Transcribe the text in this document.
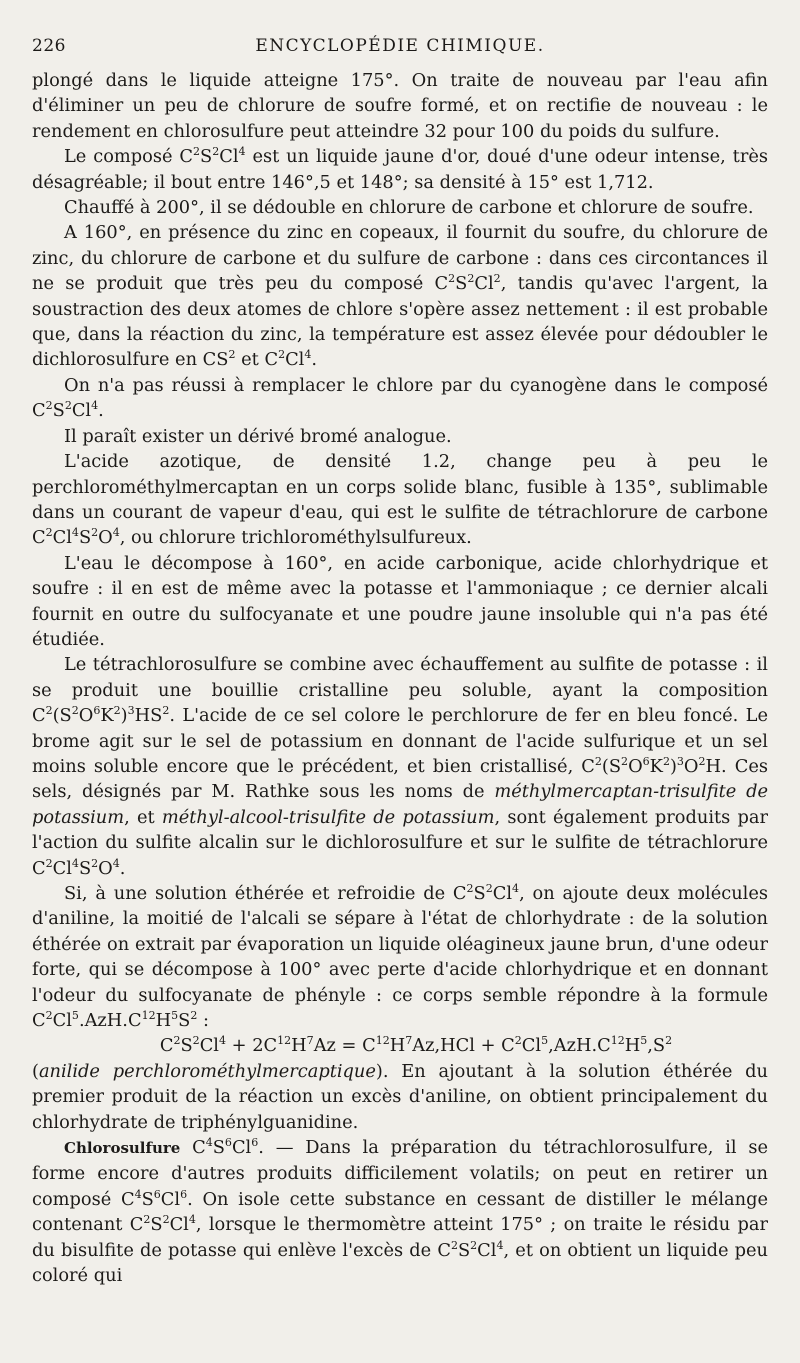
226	ENCYCLOPÉDIE CHIMIQUE.

plongé dans le liquide atteigne 175°. On traite de nouveau par l'eau afin d'éliminer un peu de chlorure de soufre formé, et on rectifie de nouveau : le rendement en chlorosulfure peut atteindre 32 pour 100 du poids du sulfure.

Le composé $C^2S^2Cl^4$ est un liquide jaune d'or, doué d'une odeur intense, très désagréable; il bout entre 146°,5 et 148°; sa densité à 15° est 1,712.

Chauffé à 200°, il se dédouble en chlorure de carbone et chlorure de soufre.

A 160°, en présence du zinc en copeaux, il fournit du soufre, du chlorure de zinc, du chlorure de carbone et du sulfure de carbone : dans ces circontances il ne se produit que très peu du composé $C^2S^2Cl^2$, tandis qu'avec l'argent, la soustraction des deux atomes de chlore s'opère assez nettement : il est probable que, dans la réaction du zinc, la température est assez élevée pour dédoubler le dichlorosulfure en $CS^2$ et $C^2Cl^4$.

On n'a pas réussi à remplacer le chlore par du cyanogène dans le composé $C^2S^2Cl^4$.

Il paraît exister un dérivé bromé analogue.

L'acide azotique, de densité 1.2, change peu à peu le perchlorométhylmercaptan en un corps solide blanc, fusible à 135°, sublimable dans un courant de vapeur d'eau, qui est le sulfite de tétrachlorure de carbone $C^2Cl^4S^2O^4$, ou chlorure trichlorométhylsulfureux.

L'eau le décompose à 160°, en acide carbonique, acide chlorhydrique et soufre : il en est de même avec la potasse et l'ammoniaque ; ce dernier alcali fournit en outre du sulfocyanate et une poudre jaune insoluble qui n'a pas été étudiée.

Le tétrachlorosulfure se combine avec échauffement au sulfite de potasse : il se produit une bouillie cristalline peu soluble, ayant la composition $C^2(S^2O^6K^2)^3HS^2$. L'acide de ce sel colore le perchlorure de fer en bleu foncé. Le brome agit sur le sel de potassium en donnant de l'acide sulfurique et un sel moins soluble encore que le précédent, et bien cristallisé, $C^2(S^2O^6K^2)^3O^2H$. Ces sels, désignés par M. Rathke sous les noms de méthylmercaptan-trisulfite de potassium, et méthyl-alcool-trisulfite de potassium, sont également produits par l'action du sulfite alcalin sur le dichlorosulfure et sur le sulfite de tétrachlorure $C^2Cl^4S^2O^4$.

Si, à une solution éthérée et refroidie de $C^2S^2Cl^4$, on ajoute deux molécules d'aniline, la moitié de l'alcali se sépare à l'état de chlorhydrate : de la solution éthérée on extrait par évaporation un liquide oléagineux jaune brun, d'une odeur forte, qui se décompose à 100° avec perte d'acide chlorhydrique et en donnant l'odeur du sulfocyanate de phényle : ce corps semble répondre à la formule $C^2Cl^5.AzH.C^{12}H^5S^2$ :

$C^2S^2Cl^4 + 2C^{12}H^7Az = C^{12}H^7Az,HCl + C^2Cl^5,AzH.C^{12}H^5,S^2$

(anilide perchlorométhylmercaptique). En ajoutant à la solution éthérée du premier produit de la réaction un excès d'aniline, on obtient principalement du chlorhydrate de triphénylguanidine.

Chlorosulfure $C^4S^6Cl^6$. — Dans la préparation du tétrachlorosulfure, il se forme encore d'autres produits difficilement volatils; on peut en retirer un composé $C^4S^6Cl^6$. On isole cette substance en cessant de distiller le mélange contenant $C^2S^2Cl^4$, lorsque le thermomètre atteint 175° ; on traite le résidu par du bisulfite de potasse qui enlève l'excès de $C^2S^2Cl^4$, et on obtient un liquide peu coloré qui
